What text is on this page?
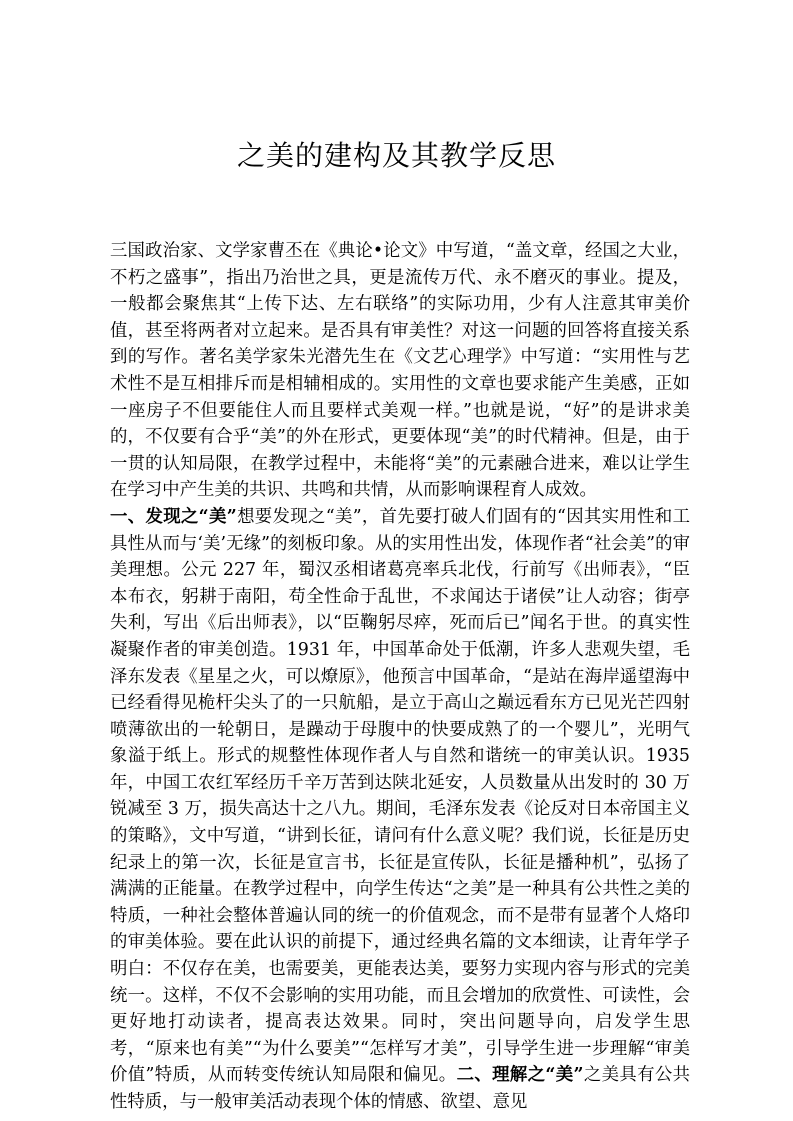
之美的建构及其教学反思

三国政治家、文学家曹丕在《典论•论文》中写道，“盖文章，经国之大业，不朽之盛事”，指出乃治世之具，更是流传万代、永不磨灭的事业。提及，一般都会聚焦其“上传下达、左右联络”的实际功用，少有人注意其审美价值，甚至将两者对立起来。是否具有审美性？对这一问题的回答将直接关系到的写作。著名美学家朱光潜先生在《文艺心理学》中写道：“实用性与艺术性不是互相排斥而是相辅相成的。实用性的文章也要求能产生美感，正如一座房子不但要能住人而且要样式美观一样。”也就是说，“好”的是讲求美的，不仅要有合乎“美”的外在形式，更要体现“美”的时代精神。但是，由于一贯的认知局限，在教学过程中，未能将“美”的元素融合进来，难以让学生在学习中产生美的共识、共鸣和共情，从而影响课程育人成效。
一、发现之“美”想要发现之“美”，首先要打破人们固有的“因其实用性和工具性从而与‘美’无缘”的刻板印象。从的实用性出发，体现作者“社会美”的审美理想。公元 227 年，蜀汉丞相诸葛亮率兵北伐，行前写《出师表》，“臣本布衣，躬耕于南阳，苟全性命于乱世，不求闻达于诸侯”让人动容；街亭失利，写出《后出师表》，以“臣鞠躬尽瘁，死而后已”闻名于世。的真实性凝聚作者的审美创造。1931 年，中国革命处于低潮，许多人悲观失望，毛泽东发表《星星之火，可以燎原》，他预言中国革命，“是站在海岸遥望海中已经看得见桅杆尖头了的一只航船，是立于高山之巅远看东方已见光芒四射喷薄欲出的一轮朝日，是躁动于母腹中的快要成熟了的一个婴儿”，光明气象溢于纸上。形式的规整性体现作者人与自然和谐统一的审美认识。1935 年，中国工农红军经历千辛万苦到达陕北延安，人员数量从出发时的 30 万锐减至 3 万，损失高达十之八九。期间，毛泽东发表《论反对日本帝国主义的策略》，文中写道，“讲到长征，请问有什么意义呢？我们说，长征是历史纪录上的第一次，长征是宣言书，长征是宣传队，长征是播种机”，弘扬了满满的正能量。在教学过程中，向学生传达“之美”是一种具有公共性之美的特质，一种社会整体普遍认同的统一的价值观念，而不是带有显著个人烙印的审美体验。要在此认识的前提下，通过经典名篇的文本细读，让青年学子明白：不仅存在美，也需要美，更能表达美，要努力实现内容与形式的完美统一。这样，不仅不会影响的实用功能，而且会增加的欣赏性、可读性，会更好地打动读者，提高表达效果。同时，突出问题导向，启发学生思考，“原来也有美”“为什么要美”“怎样写才美”，引导学生进一步理解“审美价值”特质，从而转变传统认知局限和偏见。二、理解之“美”之美具有公共性特质，与一般审美活动表现个体的情感、欲望、意见
